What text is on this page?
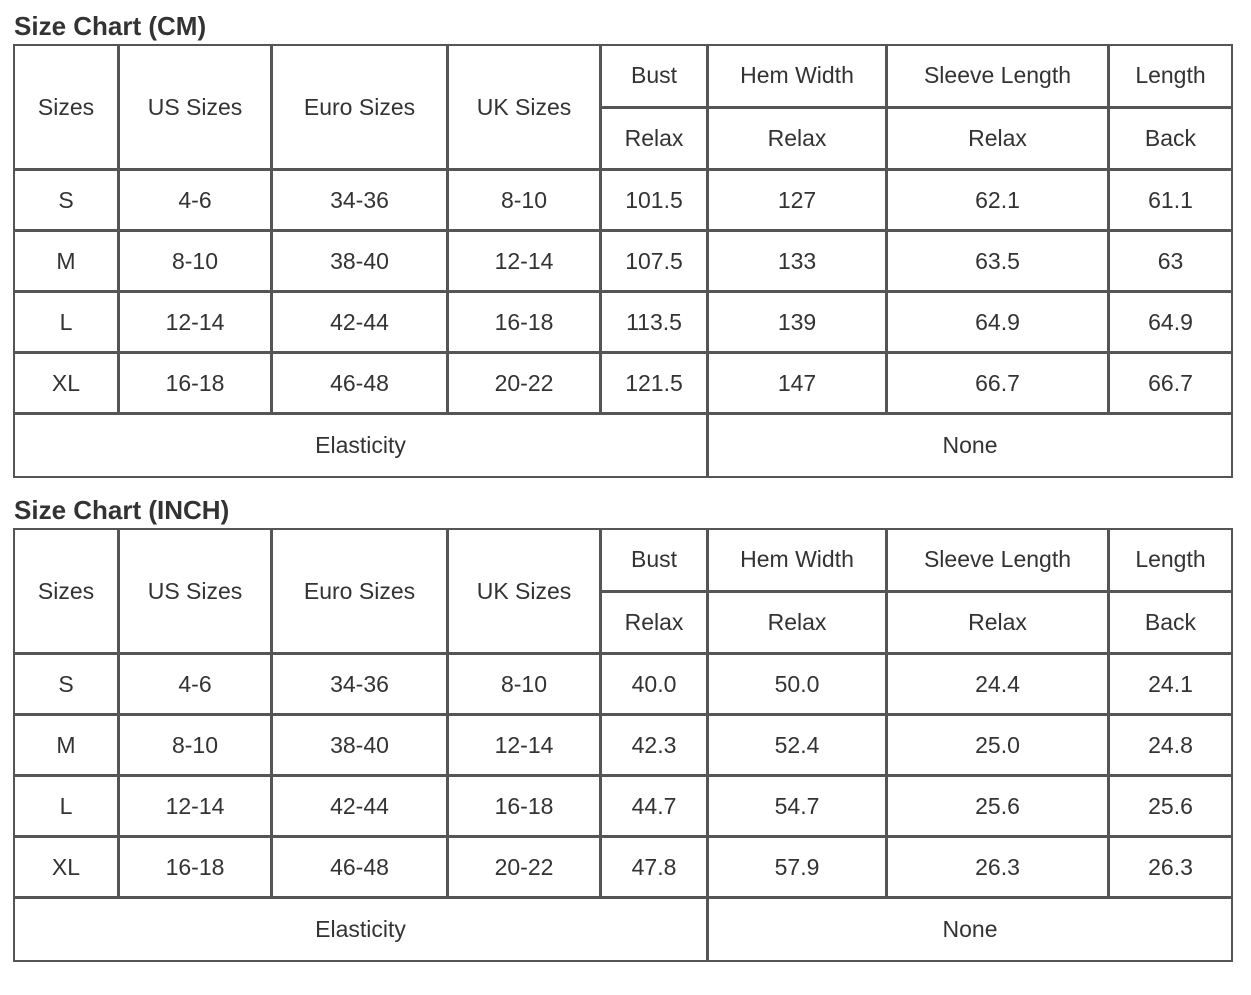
Size Chart (CM)
Sizes	US Sizes	Euro Sizes	UK Sizes	Bust	Hem Width	Sleeve Length	Length
				Relax	Relax	Relax	Back
S	4-6	34-36	8-10	101.5	127	62.1	61.1
M	8-10	38-40	12-14	107.5	133	63.5	63
L	12-14	42-44	16-18	113.5	139	64.9	64.9
XL	16-18	46-48	20-22	121.5	147	66.7	66.7
Elasticity					None		
Size Chart (INCH)
Sizes	US Sizes	Euro Sizes	UK Sizes	Bust	Hem Width	Sleeve Length	Length
				Relax	Relax	Relax	Back
S	4-6	34-36	8-10	40.0	50.0	24.4	24.1
M	8-10	38-40	12-14	42.3	52.4	25.0	24.8
L	12-14	42-44	16-18	44.7	54.7	25.6	25.6
XL	16-18	46-48	20-22	47.8	57.9	26.3	26.3
Elasticity					None		
